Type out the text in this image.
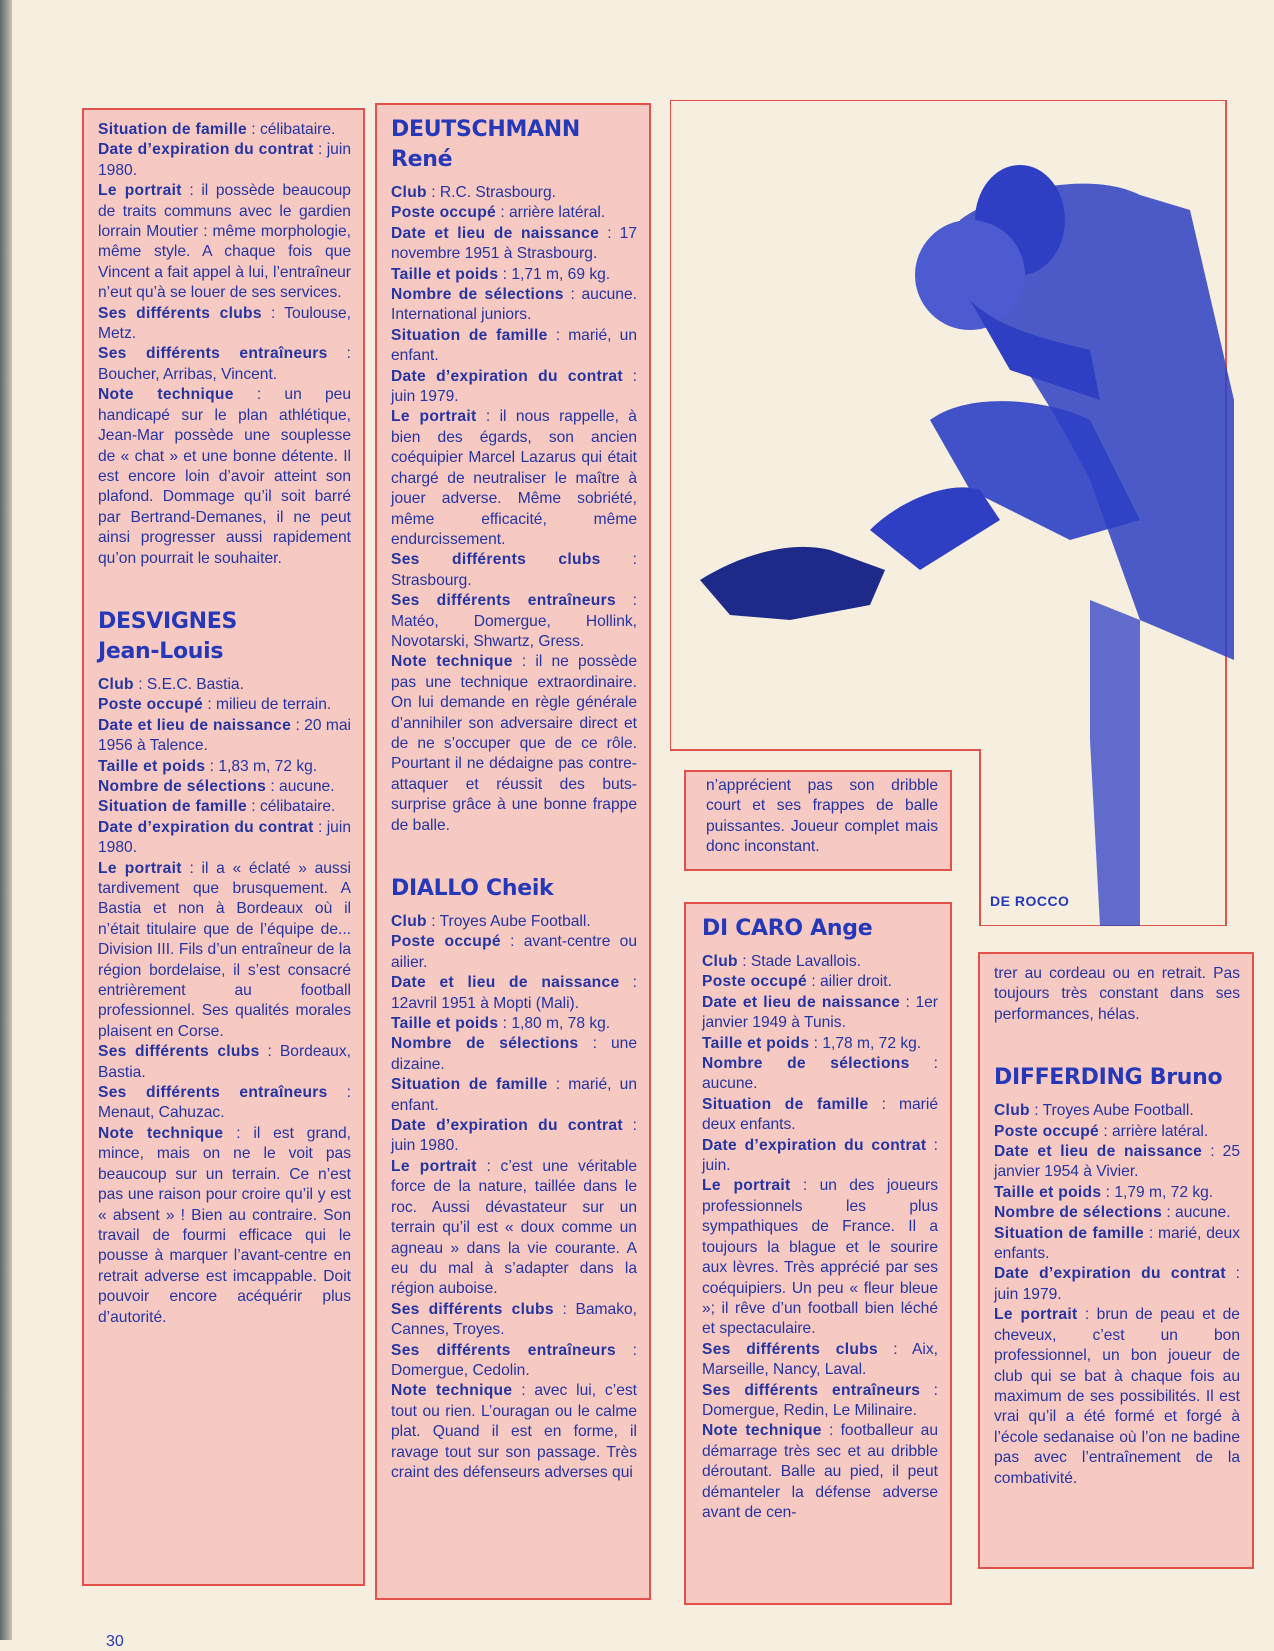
Situation de famille : célibataire.

Date d’expiration du contrat : juin 1980.

Le portrait : il possède beaucoup de traits communs avec le gardien lorrain Moutier : même morphologie, même style. A chaque fois que Vincent a fait appel à lui, l’entraîneur n’eut qu’à se louer de ses services.

Ses différents clubs : Toulouse, Metz.

Ses différents entraîneurs : Boucher, Arribas, Vincent.

Note technique : un peu handicapé sur le plan athlétique, Jean-Mar possède une souplesse de « chat » et une bonne détente. Il est encore loin d’avoir atteint son plafond. Dommage qu’il soit barré par Bertrand-Demanes, il ne peut ainsi progresser aussi rapidement qu’on pourrait le souhaiter.

DESVIGNES
Jean-Louis

Club : S.E.C. Bastia.

Poste occupé : milieu de terrain.

Date et lieu de naissance : 20 mai 1956 à Talence.

Taille et poids : 1,83 m, 72 kg.

Nombre de sélections : aucune.

Situation de famille : célibataire.

Date d’expiration du contrat : juin 1980.

Le portrait : il a « éclaté » aussi tardivement que brusquement. A Bastia et non à Bordeaux où il n’était titulaire que de l’équipe de... Division III. Fils d’un entraîneur de la région bordelaise, il s’est consacré entrièrement au football professionnel. Ses qualités morales plaisent en Corse.

Ses différents clubs : Bordeaux, Bastia.

Ses différents entraîneurs : Menaut, Cahuzac.

Note technique : il est grand, mince, mais on ne le voit pas beaucoup sur un terrain. Ce n’est pas une raison pour croire qu’il y est « absent » ! Bien au contraire. Son travail de fourmi efficace qui le pousse à marquer l’avant-centre en retrait adverse est imcappable. Doit pouvoir encore acéquérir plus d’autorité.

DEUTSCHMANN René

Club : R.C. Strasbourg.

Poste occupé : arrière latéral.

Date et lieu de naissance : 17 novembre 1951 à Strasbourg.

Taille et poids : 1,71 m, 69 kg.

Nombre de sélections : aucune. International juniors.

Situation de famille : marié, un enfant.

Date d’expiration du contrat : juin 1979.

Le portrait : il nous rappelle, à bien des égards, son ancien coéquipier Marcel Lazarus qui était chargé de neutraliser le maître à jouer adverse. Même sobriété, même efficacité, même endurcissement.

Ses différents clubs : Strasbourg.

Ses différents entraîneurs : Matéo, Domergue, Hollink, Novotarski, Shwartz, Gress.

Note technique : il ne possède pas une technique extraordinaire. On lui demande en règle générale d’annihiler son adversaire direct et de ne s’occuper que de ce rôle. Pourtant il ne dédaigne pas contre-attaquer et réussit des buts-surprise grâce à une bonne frappe de balle.

DIALLO Cheik

Club : Troyes Aube Football.

Poste occupé : avant-centre ou ailier.

Date et lieu de naissance : 12avril 1951 à Mopti (Mali).

Taille et poids : 1,80 m, 78 kg.

Nombre de sélections : une dizaine.

Situation de famille : marié, un enfant.

Date d’expiration du contrat : juin 1980.

Le portrait : c’est une véritable force de la nature, taillée dans le roc. Aussi dévastateur sur un terrain qu’il est « doux comme un agneau » dans la vie courante. A eu du mal à s’adapter dans la région auboise.

Ses différents clubs : Bamako, Cannes, Troyes.

Ses différents entraîneurs : Domergue, Cedolin.

Note technique : avec lui, c’est tout ou rien. L’ouragan ou le calme plat. Quand il est en forme, il ravage tout sur son passage. Très craint des défenseurs adverses qui

DE ROCCO

n’apprécient pas son dribble court et ses frappes de balle puissantes. Joueur complet mais donc inconstant.

DI CARO Ange

Club : Stade Lavallois.

Poste occupé : ailier droit.

Date et lieu de naissance : 1er janvier 1949 à Tunis.

Taille et poids : 1,78 m, 72 kg.

Nombre de sélections : aucune.

Situation de famille : marié deux enfants.

Date d’expiration du contrat : juin.

Le portrait : un des joueurs professionnels les plus sympathiques de France. Il a toujours la blague et le sourire aux lèvres. Très apprécié par ses coéquipiers. Un peu « fleur bleue »; il rêve d’un football bien léché et spectaculaire.

Ses différents clubs : Aix, Marseille, Nancy, Laval.

Ses différents entraîneurs : Domergue, Redin, Le Milinaire.

Note technique : footballeur au démarrage très sec et au dribble déroutant. Balle au pied, il peut démanteler la défense adverse avant de cen-

trer au cordeau ou en retrait. Pas toujours très constant dans ses performances, hélas.

DIFFERDING Bruno

Club : Troyes Aube Football.

Poste occupé : arrière latéral.

Date et lieu de naissance : 25 janvier 1954 à Vivier.

Taille et poids : 1,79 m, 72 kg.

Nombre de sélections : aucune.

Situation de famille : marié, deux enfants.

Date d’expiration du contrat : juin 1979.

Le portrait : brun de peau et de cheveux, c’est un bon professionnel, un bon joueur de club qui se bat à chaque fois au maximum de ses possibilités. Il est vrai qu’il a été formé et forgé à l’école sedanaise où l’on ne badine pas avec l’entraînement de la combativité.

30
